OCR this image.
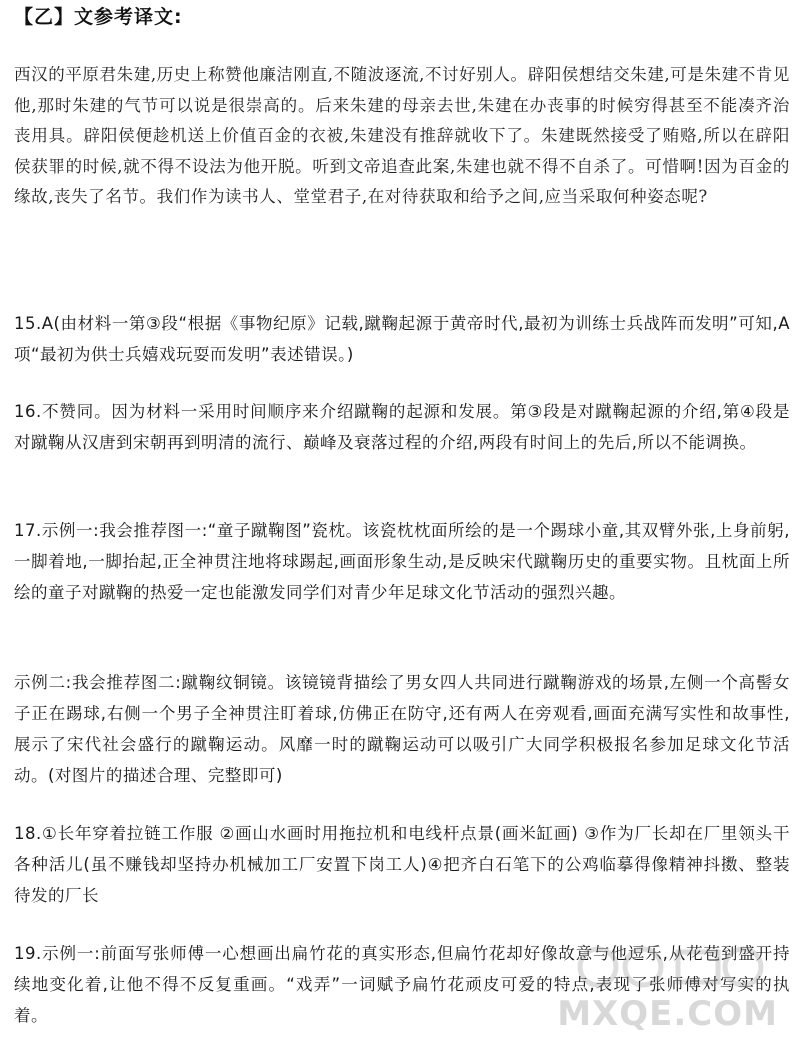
【乙】文参考译文:

西汉的平原君朱建,历史上称赞他廉洁刚直,不随波逐流,不讨好别人。辟阳侯想结交朱建,可是朱建不肯见他,那时朱建的气节可以说是很崇高的。后来朱建的母亲去世,朱建在办丧事的时候穷得甚至不能凑齐治丧用具。辟阳侯便趁机送上价值百金的衣被,朱建没有推辞就收下了。朱建既然接受了贿赂,所以在辟阳侯获罪的时候,就不得不设法为他开脱。听到文帝追查此案,朱建也就不得不自杀了。可惜啊!因为百金的缘故,丧失了名节。我们作为读书人、堂堂君子,在对待获取和给予之间,应当采取何种姿态呢?

15.A(由材料一第③段“根据《事物纪原》记载,蹴鞠起源于黄帝时代,最初为训练士兵战阵而发明”可知,A项“最初为供士兵嬉戏玩耍而发明”表述错误。)

16.不赞同。因为材料一采用时间顺序来介绍蹴鞠的起源和发展。第③段是对蹴鞠起源的介绍,第④段是对蹴鞠从汉唐到宋朝再到明清的流行、巅峰及衰落过程的介绍,两段有时间上的先后,所以不能调换。

17.示例一:我会推荐图一:“童子蹴鞠图”瓷枕。该瓷枕枕面所绘的是一个踢球小童,其双臂外张,上身前躬,一脚着地,一脚抬起,正全神贯注地将球踢起,画面形象生动,是反映宋代蹴鞠历史的重要实物。且枕面上所绘的童子对蹴鞠的热爱一定也能激发同学们对青少年足球文化节活动的强烈兴趣。

示例二:我会推荐图二:蹴鞠纹铜镜。该镜镜背描绘了男女四人共同进行蹴鞠游戏的场景,左侧一个高髻女子正在踢球,右侧一个男子全神贯注盯着球,仿佛正在防守,还有两人在旁观看,画面充满写实性和故事性,展示了宋代社会盛行的蹴鞠运动。风靡一时的蹴鞠运动可以吸引广大同学积极报名参加足球文化节活动。(对图片的描述合理、完整即可)

18.①长年穿着拉链工作服 ②画山水画时用拖拉机和电线杆点景(画米缸画) ③作为厂长却在厂里领头干各种活儿(虽不赚钱却坚持办机械加工厂安置下岗工人)④把齐白石笔下的公鸡临摹得像精神抖擞、整装待发的厂长

19.示例一:前面写张师傅一心想画出扁竹花的真实形态,但扁竹花却好像故意与他逗乐,从花苞到盛开持续地变化着,让他不得不反复重画。“戏弄”一词赋予扁竹花顽皮可爱的特点,表现了张师傅对写实的执着。	MXQE.COM
